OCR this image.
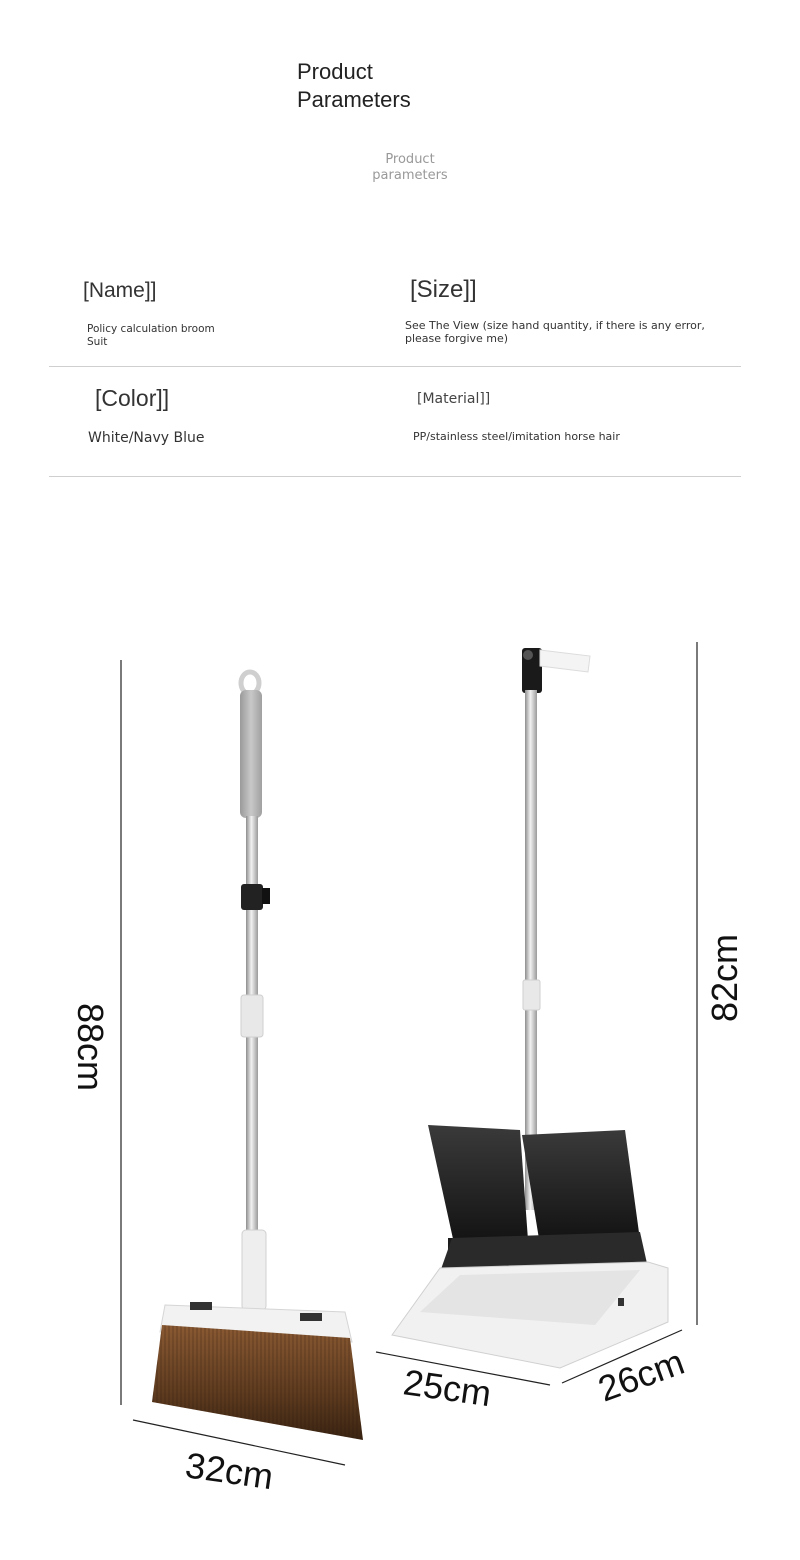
Product
Parameters
Product
parameters
[Name]]
Policy calculation broom
Suit
[Size]]
See The View (size hand quantity, if there is any error,
please forgive me)
[Color]]
White/Navy Blue
[Material]]
PP/stainless steel/imitation horse hair
88cm
32cm
82cm
25cm	26cm
